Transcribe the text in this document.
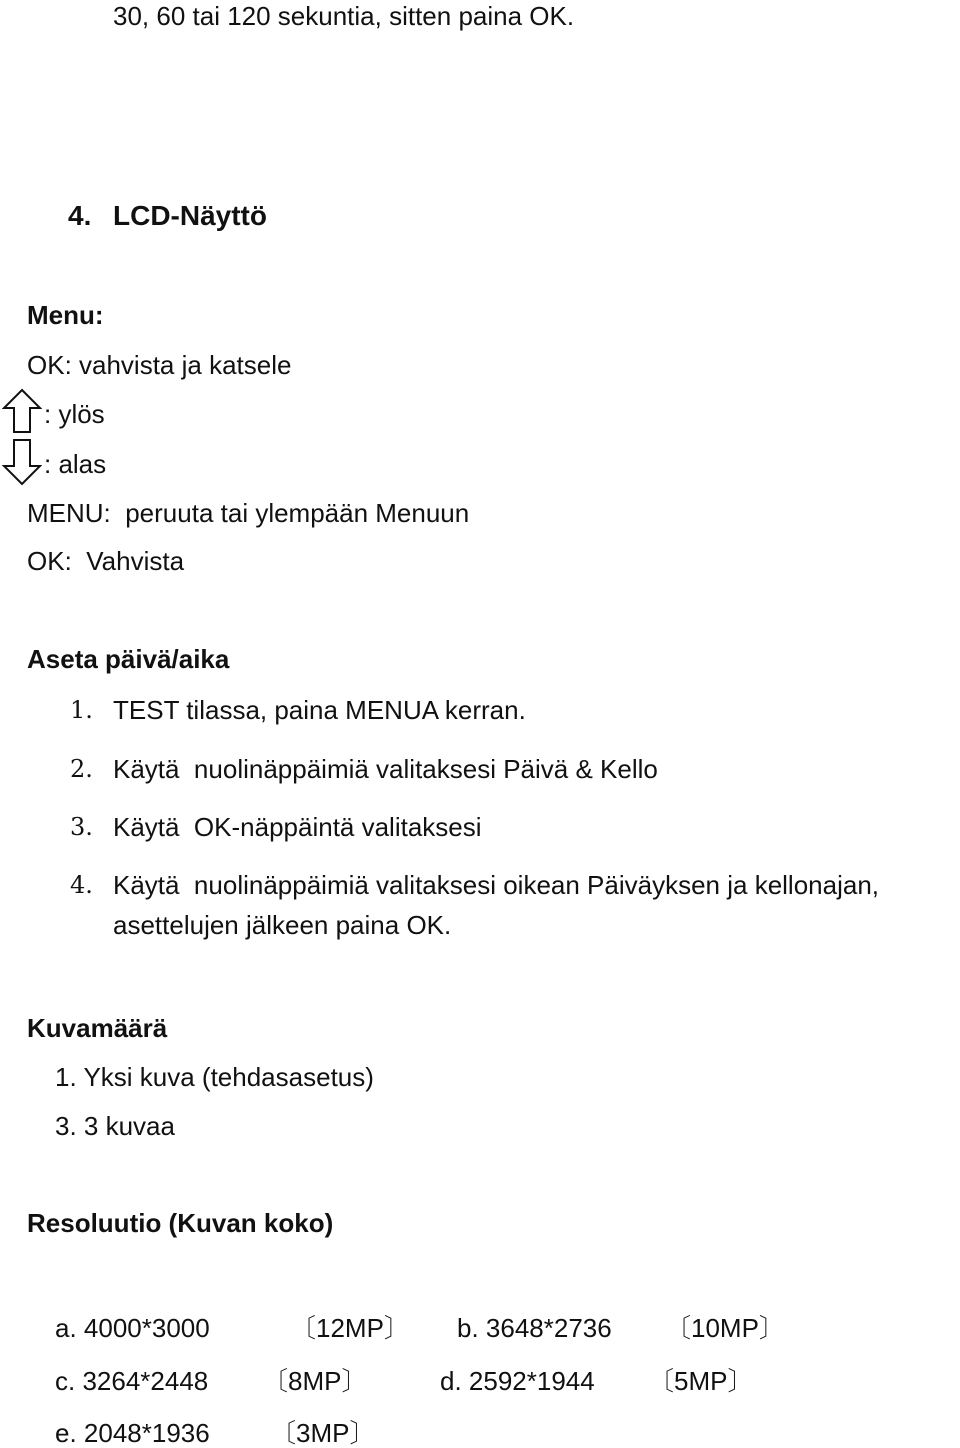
30, 60 tai 120 sekuntia, sitten paina OK.
4. LCD-Näyttö
Menu:
OK: vahvista ja katsele
: ylös
: alas
MENU:  peruuta tai ylempään Menuun
OK:  Vahvista
Aseta päivä/aika
1. TEST tilassa, paina MENUA kerran.
2. Käytä  nuolinäppäimiä valitaksesi Päivä & Kello
3. Käytä  OK-näppäintä valitaksesi
4. Käytä  nuolinäppäimiä valitaksesi oikean Päiväyksen ja kellonajan,
asettelujen jälkeen paina OK.
Kuvamäärä
1. Yksi kuva (tehdasasetus)
3. 3 kuvaa
Resoluutio (Kuvan koko)
a. 4000*3000	〔12MP〕 b. 3648*2736 〔10MP〕
c. 3264*2448 〔8MP〕	d. 2592*1944 〔5MP〕
e. 2048*1936 〔3MP〕
